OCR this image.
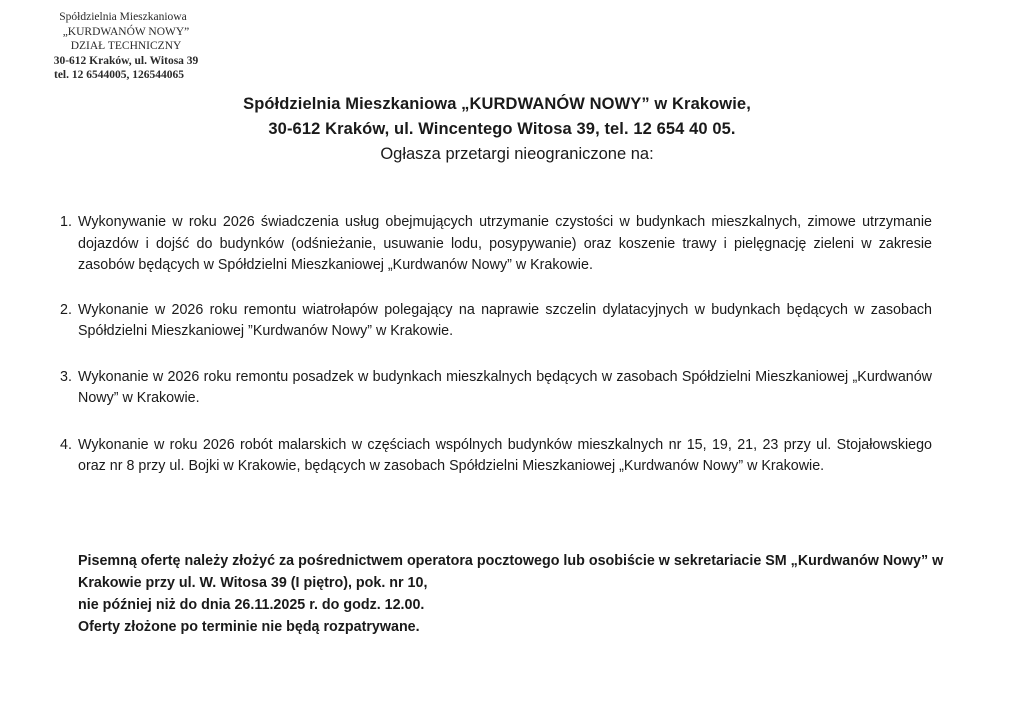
Spółdzielnia Mieszkaniowa
„KURDWANÓW NOWY”
DZIAŁ TECHNICZNY
30-612 Kraków, ul. Witosa 39
tel. 12 6544005, 126544065
Spółdzielnia Mieszkaniowa „KURDWANÓW NOWY” w Krakowie,
30-612 Kraków, ul. Wincentego Witosa 39, tel. 12 654 40 05.
Ogłasza przetargi nieograniczone na:
1. Wykonywanie w roku 2026 świadczenia usług obejmujących utrzymanie czystości w budynkach mieszkalnych, zimowe utrzymanie dojazdów i dojść do budynków (odśnieżanie, usuwanie lodu, posypywanie) oraz koszenie trawy i pielęgnację zieleni w zakresie zasobów będących w Spółdzielni Mieszkaniowej „Kurdwanów Nowy” w Krakowie.
2. Wykonanie w 2026 roku remontu wiatrołapów polegający na naprawie szczelin dylatacyjnych w budynkach będących w zasobach Spółdzielni Mieszkaniowej ”Kurdwanów Nowy” w Krakowie.
3. Wykonanie w 2026 roku remontu posadzek w budynkach mieszkalnych będących w zasobach Spółdzielni Mieszkaniowej „Kurdwanów Nowy” w Krakowie.
4. Wykonanie w roku 2026 robót malarskich w częściach wspólnych budynków mieszkalnych nr 15, 19, 21, 23 przy ul. Stojałowskiego oraz nr 8 przy ul. Bojki w Krakowie, będących w zasobach Spółdzielni Mieszkaniowej „Kurdwanów Nowy” w Krakowie.
Pisemną ofertę należy złożyć za pośrednictwem operatora pocztowego lub osobiście w sekretariacie SM „Kurdwanów Nowy” w Krakowie przy ul. W. Witosa 39 (I piętro), pok. nr 10,
nie później niż do dnia 26.11.2025 r. do godz. 12.00.
Oferty złożone po terminie nie będą rozpatrywane.
